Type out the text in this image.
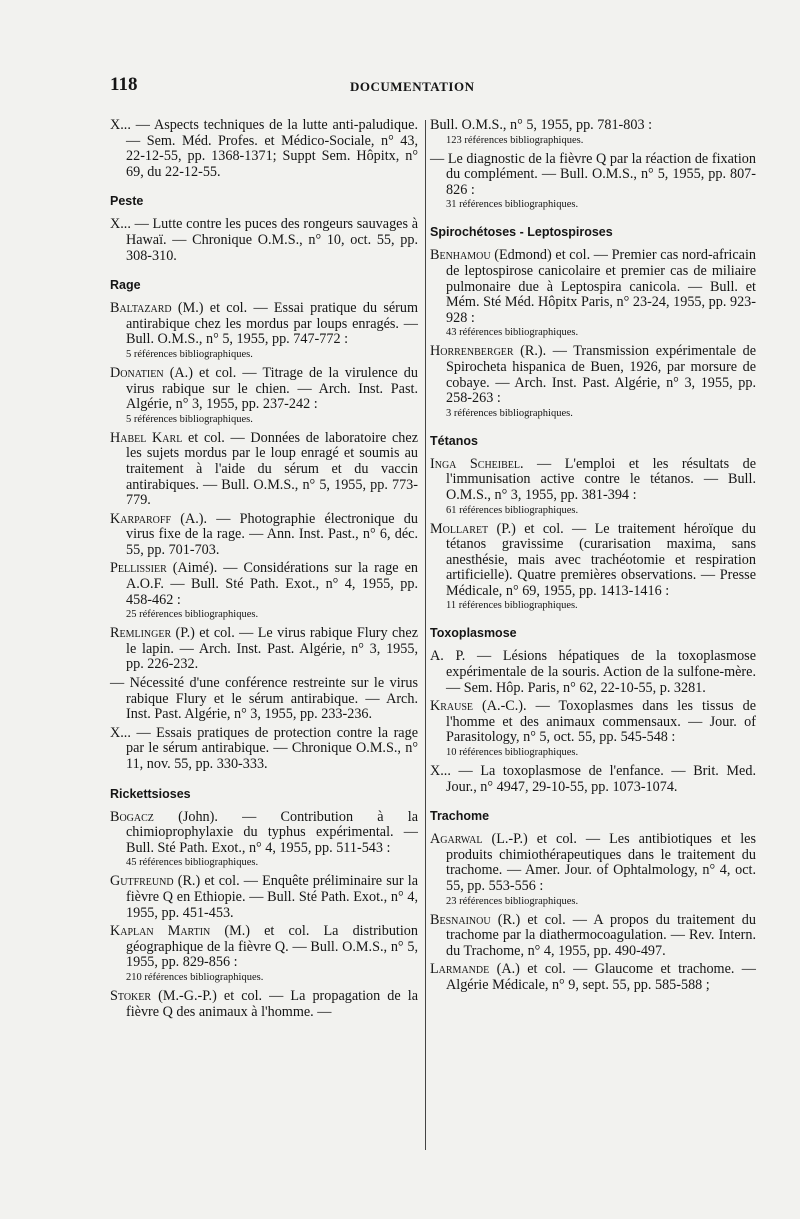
118	DOCUMENTATION

X... — Aspects techniques de la lutte anti-paludique. — Sem. Méd. Profes. et Médico-Sociale, n° 43, 22-12-55, pp. 1368-1371; Suppt Sem. Hôpitx, n° 69, du 22-12-55.

Peste

X... — Lutte contre les puces des rongeurs sauvages à Hawaï. — Chronique O.M.S., n° 10, oct. 55, pp. 308-310.

Rage

Baltazard (M.) et col. — Essai pratique du sérum antirabique chez les mordus par loups enragés. — Bull. O.M.S., n° 5, 1955, pp. 747-772 :

5 références bibliographiques.

Donatien (A.) et col. — Titrage de la virulence du virus rabique sur le chien. — Arch. Inst. Past. Algérie, n° 3, 1955, pp. 237-242 :

5 références bibliographiques.

Habel Karl et col. — Données de laboratoire chez les sujets mordus par le loup enragé et soumis au traitement à l'aide du sérum et du vaccin antirabiques. — Bull. O.M.S., n° 5, 1955, pp. 773-779.

Karparoff (A.). — Photographie électronique du virus fixe de la rage. — Ann. Inst. Past., n° 6, déc. 55, pp. 701-703.

Pellissier (Aimé). — Considérations sur la rage en A.O.F. — Bull. Sté Path. Exot., n° 4, 1955, pp. 458-462 :

25 références bibliographiques.

Remlinger (P.) et col. — Le virus rabique Flury chez le lapin. — Arch. Inst. Past. Algérie, n° 3, 1955, pp. 226-232.

— Nécessité d'une conférence restreinte sur le virus rabique Flury et le sérum antirabique. — Arch. Inst. Past. Algérie, n° 3, 1955, pp. 233-236.

X... — Essais pratiques de protection contre la rage par le sérum antirabique. — Chronique O.M.S., n° 11, nov. 55, pp. 330-333.

Rickettsioses

Bogacz (John). — Contribution à la chimioprophylaxie du typhus expérimental. — Bull. Sté Path. Exot., n° 4, 1955, pp. 511-543 :

45 références bibliographiques.

Gutfreund (R.) et col. — Enquête préliminaire sur la fièvre Q en Ethiopie. — Bull. Sté Path. Exot., n° 4, 1955, pp. 451-453.

Kaplan Martin (M.) et col. La distribution géographique de la fièvre Q. — Bull. O.M.S., n° 5, 1955, pp. 829-856 :

210 références bibliographiques.

Stoker (M.-G.-P.) et col. — La propagation de la fièvre Q des animaux à l'homme. —

Bull. O.M.S., n° 5, 1955, pp. 781-803 :

123 références bibliographiques.

— Le diagnostic de la fièvre Q par la réaction de fixation du complément. — Bull. O.M.S., n° 5, 1955, pp. 807-826 :

31 références bibliographiques.
Spirochétoses - Leptospiroses

Benhamou (Edmond) et col. — Premier cas nord-africain de leptospirose canicolaire et premier cas de miliaire pulmonaire due à Leptospira canicola. — Bull. et Mém. Sté Méd. Hôpitx Paris, n° 23-24, 1955, pp. 923-928 :

43 références bibliographiques.

Horrenberger (R.). — Transmission expérimentale de Spirocheta hispanica de Buen, 1926, par morsure de cobaye. — Arch. Inst. Past. Algérie, n° 3, 1955, pp. 258-263 :

3 références bibliographiques.
Tétanos

Inga Scheibel. — L'emploi et les résultats de l'immunisation active contre le tétanos. — Bull. O.M.S., n° 3, 1955, pp. 381-394 :

61 références bibliographiques.

Mollaret (P.) et col. — Le traitement héroïque du tétanos gravissime (curarisation maxima, sans anesthésie, mais avec trachéotomie et respiration artificielle). Quatre premières observations. — Presse Médicale, n° 69, 1955, pp. 1413-1416 :

11 références bibliographiques.
Toxoplasmose

A. P. — Lésions hépatiques de la toxoplasmose expérimentale de la souris. Action de la sulfone-mère. — Sem. Hôp. Paris, n° 62, 22-10-55, p. 3281.

Krause (A.-C.). — Toxoplasmes dans les tissus de l'homme et des animaux commensaux. — Jour. of Parasitology, n° 5, oct. 55, pp. 545-548 :

10 références bibliographiques.

X... — La toxoplasmose de l'enfance. — Brit. Med. Jour., n° 4947, 29-10-55, pp. 1073-1074.

Trachome

Agarwal (L.-P.) et col. — Les antibiotiques et les produits chimiothérapeutiques dans le traitement du trachome. — Amer. Jour. of Ophtalmology, n° 4, oct. 55, pp. 553-556 :

23 références bibliographiques.

Besnainou (R.) et col. — A propos du traitement du trachome par la diathermocoagulation. — Rev. Intern. du Trachome, n° 4, 1955, pp. 490-497.

Larmande (A.) et col. — Glaucome et trachome. — Algérie Médicale, n° 9, sept. 55, pp. 585-588 ;
